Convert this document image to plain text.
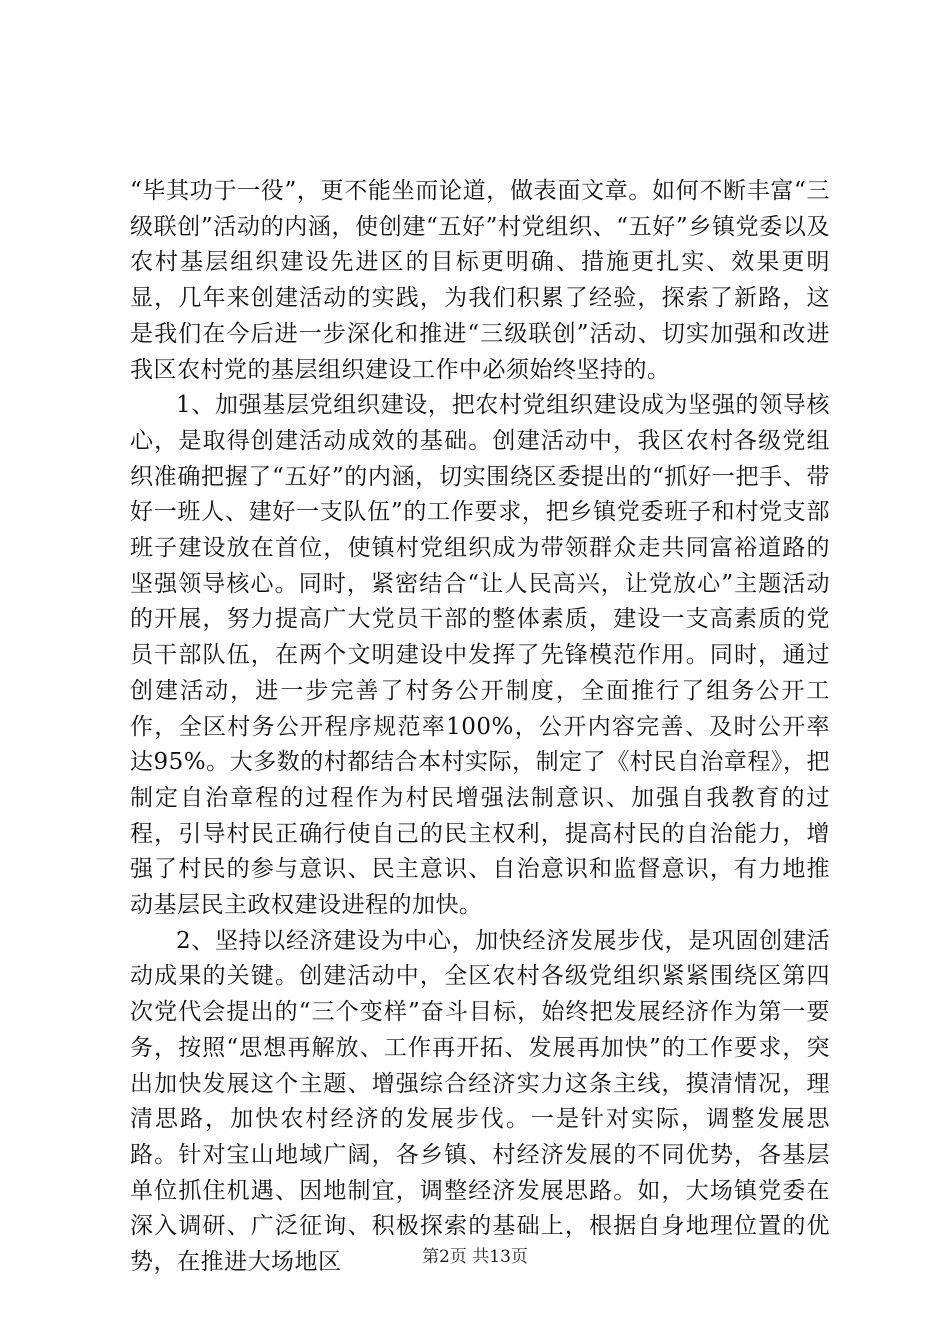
“毕其功于一役”，更不能坐而论道，做表面文章。如何不断丰富“三级联创”活动的内涵，使创建“五好”村党组织、“五好”乡镇党委以及农村基层组织建设先进区的目标更明确、措施更扎实、效果更明显，几年来创建活动的实践，为我们积累了经验，探索了新路，这是我们在今后进一步深化和推进“三级联创”活动、切实加强和改进我区农村党的基层组织建设工作中必须始终坚持的。

1、加强基层党组织建设，把农村党组织建设成为坚强的领导核心，是取得创建活动成效的基础。创建活动中，我区农村各级党组织准确把握了“五好”的内涵，切实围绕区委提出的“抓好一把手、带好一班人、建好一支队伍”的工作要求，把乡镇党委班子和村党支部班子建设放在首位，使镇村党组织成为带领群众走共同富裕道路的坚强领导核心。同时，紧密结合“让人民高兴，让党放心”主题活动的开展，努力提高广大党员干部的整体素质，建设一支高素质的党员干部队伍，在两个文明建设中发挥了先锋模范作用。同时，通过创建活动，进一步完善了村务公开制度，全面推行了组务公开工作，全区村务公开程序规范率100%，公开内容完善、及时公开率达95%。大多数的村都结合本村实际，制定了《村民自治章程》，把制定自治章程的过程作为村民增强法制意识、加强自我教育的过程，引导村民正确行使自己的民主权利，提高村民的自治能力，增强了村民的参与意识、民主意识、自治意识和监督意识，有力地推动基层民主政权建设进程的加快。

2、坚持以经济建设为中心，加快经济发展步伐，是巩固创建活动成果的关键。创建活动中，全区农村各级党组织紧紧围绕区第四次党代会提出的“三个变样”奋斗目标，始终把发展经济作为第一要务，按照“思想再解放、工作再开拓、发展再加快”的工作要求，突出加快发展这个主题、增强综合经济实力这条主线，摸清情况，理清思路，加快农村经济的发展步伐。一是针对实际，调整发展思路。针对宝山地域广阔，各乡镇、村经济发展的不同优势，各基层单位抓住机遇、因地制宜，调整经济发展思路。如，大场镇党委在深入调研、广泛征询、积极探索的基础上，根据自身地理位置的优势，在推进大场地区	第2页 共13页
